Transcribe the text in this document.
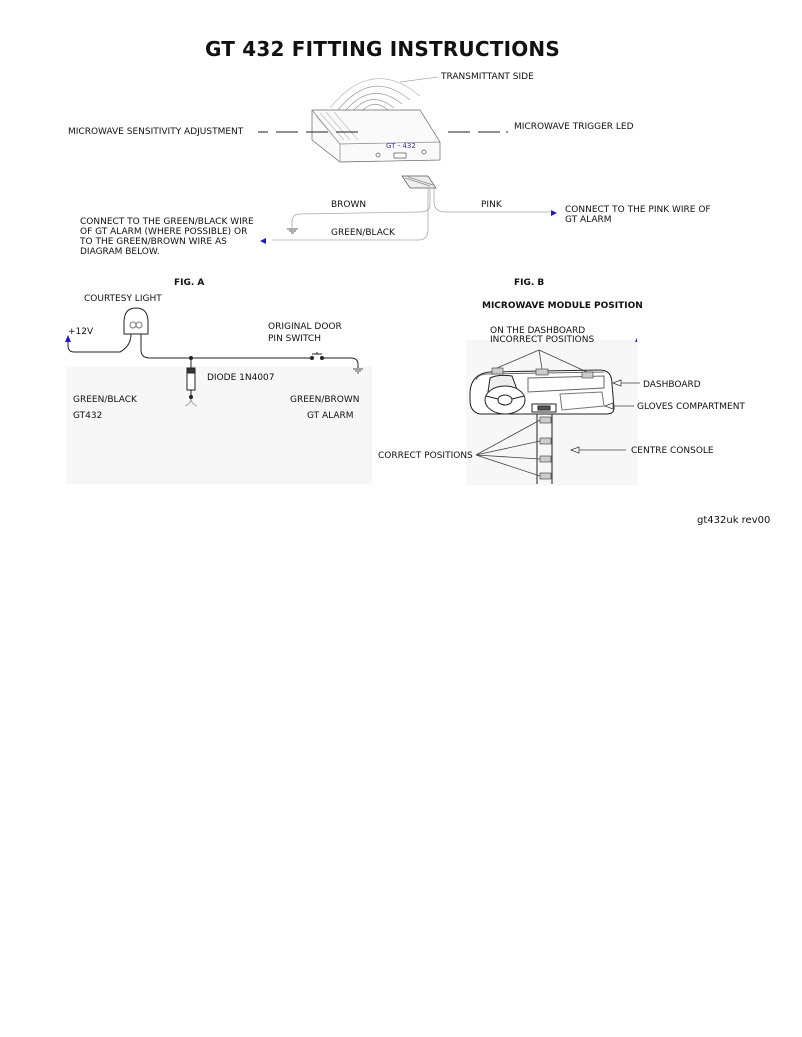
GT 432 FITTING INSTRUCTIONS
TRANSMITTANT SIDE
MICROWAVE SENSITIVITY ADJUSTMENT	MICROWAVE TRIGGER LED
GT - 432
BROWN	PINK
GREEN/BLACK
CONNECT TO THE PINK WIRE OF GT ALARM
CONNECT TO THE GREEN/BLACK WIRE OF GT ALARM (WHERE POSSIBLE) OR TO THE GREEN/BROWN WIRE AS DIAGRAM BELOW.
FIG. A
COURTESY LIGHT
+12V	ORIGINAL DOOR
PIN SWITCH
DIODE 1N4007
GREEN/BLACK
GT432
GREEN/BROWN
GT ALARM
FIG. B
MICROWAVE MODULE POSITION
ON THE DASHBOARD
INCORRECT POSITIONS
DASHBOARD
GLOVES COMPARTMENT
CENTRE CONSOLE
CORRECT POSITIONS
gt432uk rev00
